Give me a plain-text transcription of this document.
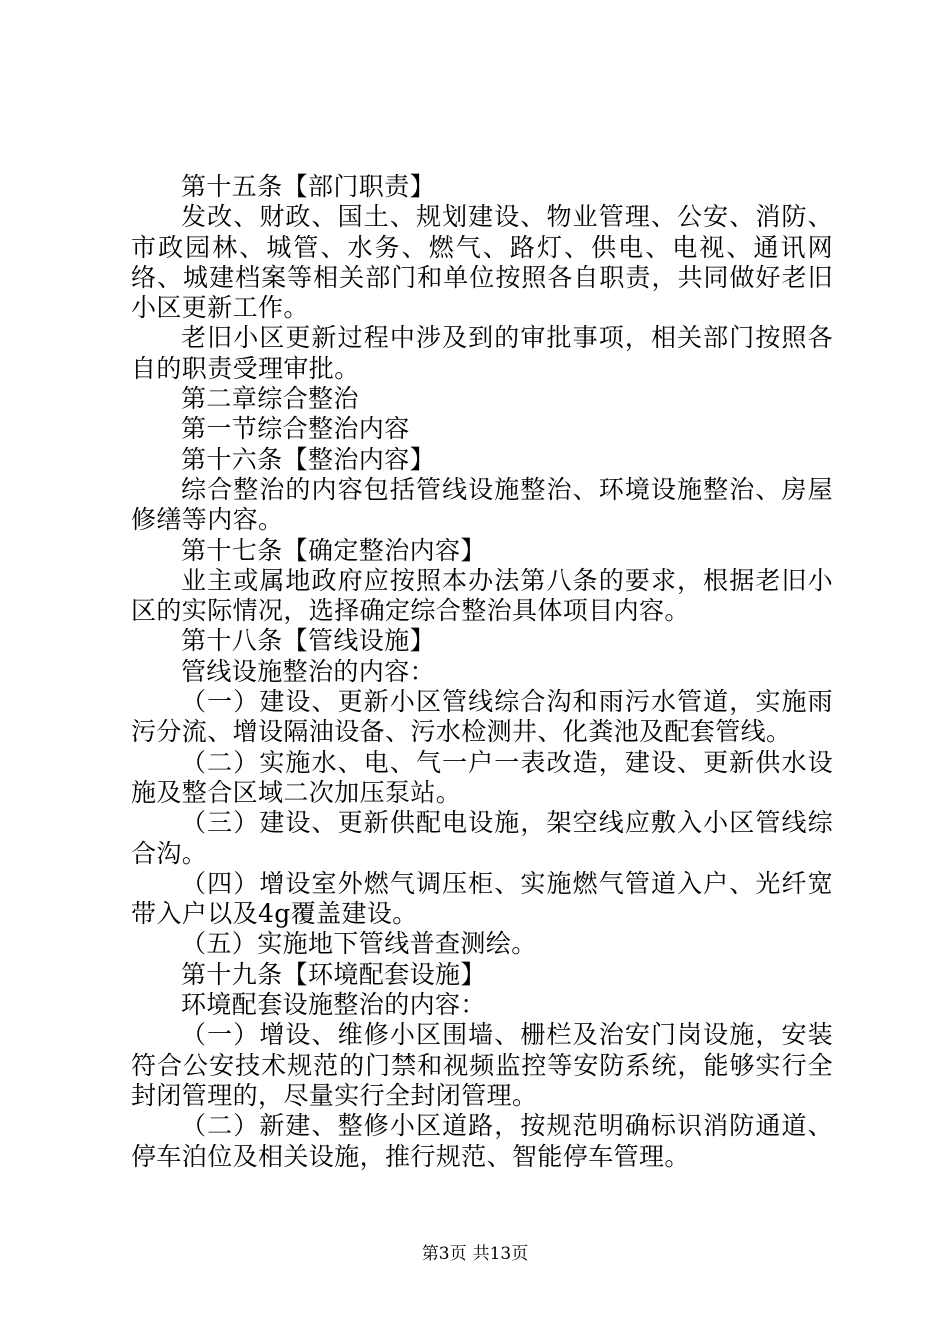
第十五条【部门职责】

发改、财政、国土、规划建设、物业管理、公安、消防、市政园林、城管、水务、燃气、路灯、供电、电视、通讯网络、城建档案等相关部门和单位按照各自职责，共同做好老旧小区更新工作。

老旧小区更新过程中涉及到的审批事项，相关部门按照各自的职责受理审批。

第二章综合整治

第一节综合整治内容

第十六条【整治内容】

综合整治的内容包括管线设施整治、环境设施整治、房屋修缮等内容。

第十七条【确定整治内容】

业主或属地政府应按照本办法第八条的要求，根据老旧小区的实际情况，选择确定综合整治具体项目内容。

第十八条【管线设施】

管线设施整治的内容：

（一）建设、更新小区管线综合沟和雨污水管道，实施雨污分流、增设隔油设备、污水检测井、化粪池及配套管线。

（二）实施水、电、气一户一表改造，建设、更新供水设施及整合区域二次加压泵站。

（三）建设、更新供配电设施，架空线应敷入小区管线综合沟。

（四）增设室外燃气调压柜、实施燃气管道入户、光纤宽带入户以及4g覆盖建设。

（五）实施地下管线普查测绘。

第十九条【环境配套设施】

环境配套设施整治的内容：

（一）增设、维修小区围墙、栅栏及治安门岗设施，安装符合公安技术规范的门禁和视频监控等安防系统，能够实行全封闭管理的，尽量实行全封闭管理。

（二）新建、整修小区道路，按规范明确标识消防通道、停车泊位及相关设施，推行规范、智能停车管理。

第3页 共13页
